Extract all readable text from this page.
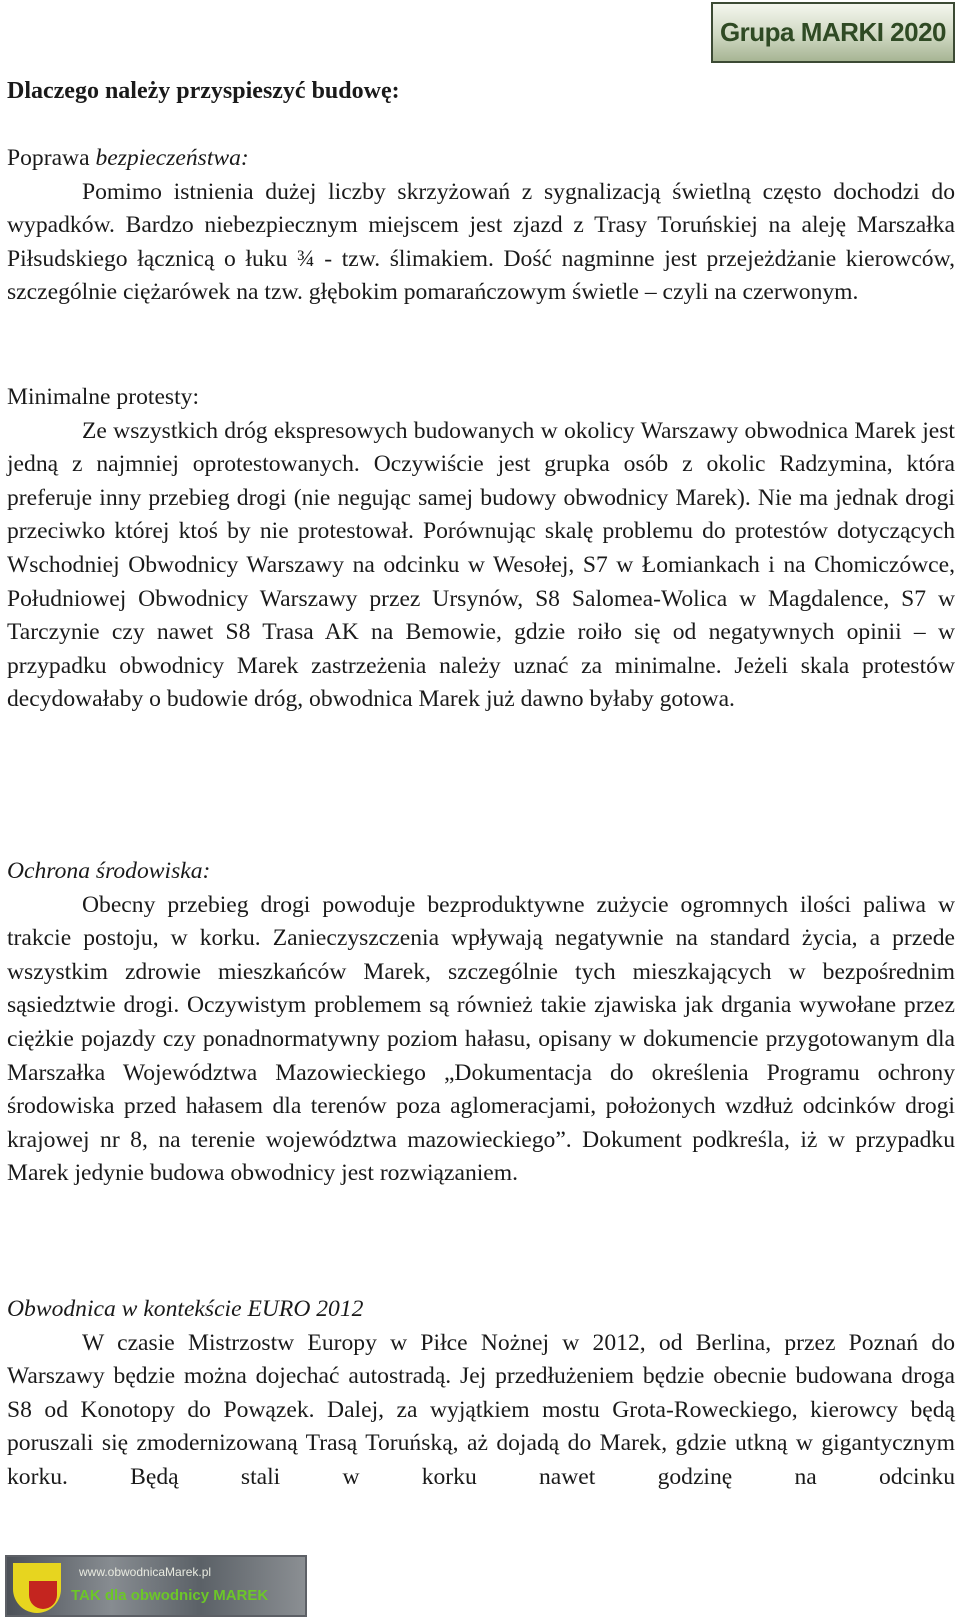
Grupa MARKI 2020
Dlaczego należy przyspieszyć budowę:

Poprawa bezpieczeństwa:

Pomimo istnienia dużej liczby skrzyżowań z sygnalizacją świetlną często dochodzi do wypadków. Bardzo niebezpiecznym miejscem jest zjazd z Trasy Toruńskiej na aleję Marszałka Piłsudskiego łącznicą o łuku ¾ - tzw. ślimakiem. Dość nagminne jest przejeżdżanie kierowców, szczególnie ciężarówek na tzw. głębokim pomarańczowym świetle – czyli na czerwonym.

Minimalne protesty:

Ze wszystkich dróg ekspresowych budowanych w okolicy Warszawy obwodnica Marek jest jedną z najmniej oprotestowanych. Oczywiście jest grupka osób z okolic Radzymina, która preferuje inny przebieg drogi (nie negując samej budowy obwodnicy Marek). Nie ma jednak drogi przeciwko której ktoś by nie protestował. Porównując skalę problemu do protestów dotyczących Wschodniej Obwodnicy Warszawy na odcinku w Wesołej, S7 w Łomiankach i na Chomiczówce, Południowej Obwodnicy Warszawy przez Ursynów, S8 Salomea-Wolica w Magdalence, S7 w Tarczynie czy nawet S8 Trasa AK na Bemowie, gdzie roiło się od negatywnych opinii – w przypadku obwodnicy Marek zastrzeżenia należy uznać za minimalne. Jeżeli skala protestów decydowałaby o budowie dróg, obwodnica Marek już dawno byłaby gotowa.

Ochrona środowiska:

Obecny przebieg drogi powoduje bezproduktywne zużycie ogromnych ilości paliwa w trakcie postoju, w korku. Zanieczyszczenia wpływają negatywnie na standard życia, a przede wszystkim zdrowie mieszkańców Marek, szczególnie tych mieszkających w bezpośrednim sąsiedztwie drogi. Oczywistym problemem są również takie zjawiska jak drgania wywołane przez ciężkie pojazdy czy ponadnormatywny poziom hałasu, opisany w dokumencie przygotowanym dla Marszałka Województwa Mazowieckiego „Dokumentacja do określenia Programu ochrony środowiska przed hałasem dla terenów poza aglomeracjami, położonych wzdłuż odcinków drogi krajowej nr 8, na terenie województwa mazowieckiego”. Dokument podkreśla, iż w przypadku Marek jedynie budowa obwodnicy jest rozwiązaniem.

Obwodnica w kontekście EURO 2012

W czasie Mistrzostw Europy w Piłce Nożnej w 2012, od Berlina, przez Poznań do Warszawy będzie można dojechać autostradą. Jej przedłużeniem będzie obecnie budowana droga S8 od Konotopy do Powązek. Dalej, za wyjątkiem mostu Grota-Roweckiego, kierowcy będą poruszali się zmodernizowaną Trasą Toruńską, aż dojadą do Marek, gdzie utkną w gigantycznym korku. Będą stali w korku nawet godzinę na odcinku

www.obwodnicaMarek.pl
TAK dla obwodnicy MAREK
